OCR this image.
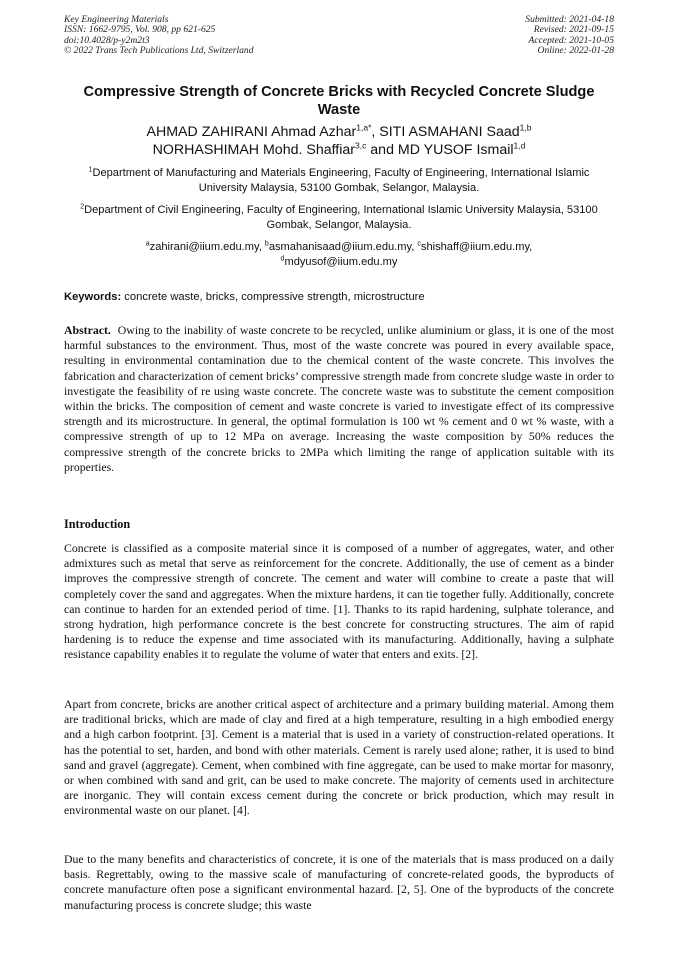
Key Engineering Materials
ISSN: 1662-9795, Vol. 908, pp 621-625
doi:10.4028/p-y2m2t3
© 2022 Trans Tech Publications Ltd, Switzerland
Submitted: 2021-04-18
Revised: 2021-09-15
Accepted: 2021-10-05
Online: 2022-01-28
Compressive Strength of Concrete Bricks with Recycled Concrete Sludge Waste
AHMAD ZAHIRANI Ahmad Azhar$^{1,a*}$, SITI ASMAHANI Saad$^{1,b}$
NORHASHIMAH Mohd. Shaffiar$^{3,c}$ and MD YUSOF Ismail$^{1,d}$
$^1$Department of Manufacturing and Materials Engineering, Faculty of Engineering, International Islamic University Malaysia, 53100 Gombak, Selangor, Malaysia.
$^2$Department of Civil Engineering, Faculty of Engineering, International Islamic University Malaysia, 53100 Gombak, Selangor, Malaysia.
$^a$zahirani@iium.edu.my, $^b$asmahanisaad@iium.edu.my, $^c$shishaff@iium.edu.my,
$^d$mdyusof@iium.edu.my
Keywords: concrete waste, bricks, compressive strength, microstructure
Abstract.  Owing to the inability of waste concrete to be recycled, unlike aluminium or glass, it is one of the most harmful substances to the environment. Thus, most of the waste concrete was poured in every available space, resulting in environmental contamination due to the chemical content of the waste concrete. This involves the fabrication and characterization of cement bricks’ compressive strength made from concrete sludge waste in order to investigate the feasibility of re using waste concrete. The concrete waste was to substitute the cement composition within the bricks. The composition of cement and waste concrete is varied to investigate effect of its compressive strength and its microstructure. In general, the optimal formulation is 100 wt % cement and 0 wt % waste, with a compressive strength of up to 12 MPa on average. Increasing the waste composition by 50% reduces the compressive strength of the concrete bricks to 2MPa which limiting the range of application suitable with its properties.
Introduction
Concrete is classified as a composite material since it is composed of a number of aggregates, water, and other admixtures such as metal that serve as reinforcement for the concrete. Additionally, the use of cement as a binder improves the compressive strength of concrete. The cement and water will combine to create a paste that will completely cover the sand and aggregates. When the mixture hardens, it can tie together fully. Additionally, concrete can continue to harden for an extended period of time. [1]. Thanks to its rapid hardening, sulphate tolerance, and strong hydration, high performance concrete is the best concrete for constructing structures. The aim of rapid hardening is to reduce the expense and time associated with its manufacturing. Additionally, having a sulphate resistance capability enables it to regulate the volume of water that enters and exits. [2].
Apart from concrete, bricks are another critical aspect of architecture and a primary building material. Among them are traditional bricks, which are made of clay and fired at a high temperature, resulting in a high embodied energy and a high carbon footprint. [3]. Cement is a material that is used in a variety of construction-related operations. It has the potential to set, harden, and bond with other materials. Cement is rarely used alone; rather, it is used to bind sand and gravel (aggregate). Cement, when combined with fine aggregate, can be used to make mortar for masonry, or when combined with sand and grit, can be used to make concrete. The majority of cements used in architecture are inorganic. They will contain excess cement during the concrete or brick production, which may result in environmental waste on our planet. [4].
Due to the many benefits and characteristics of concrete, it is one of the materials that is mass produced on a daily basis. Regrettably, owing to the massive scale of manufacturing of concrete-related goods, the byproducts of concrete manufacture often pose a significant environmental hazard. [2, 5]. One of the byproducts of the concrete manufacturing process is concrete sludge; this waste
